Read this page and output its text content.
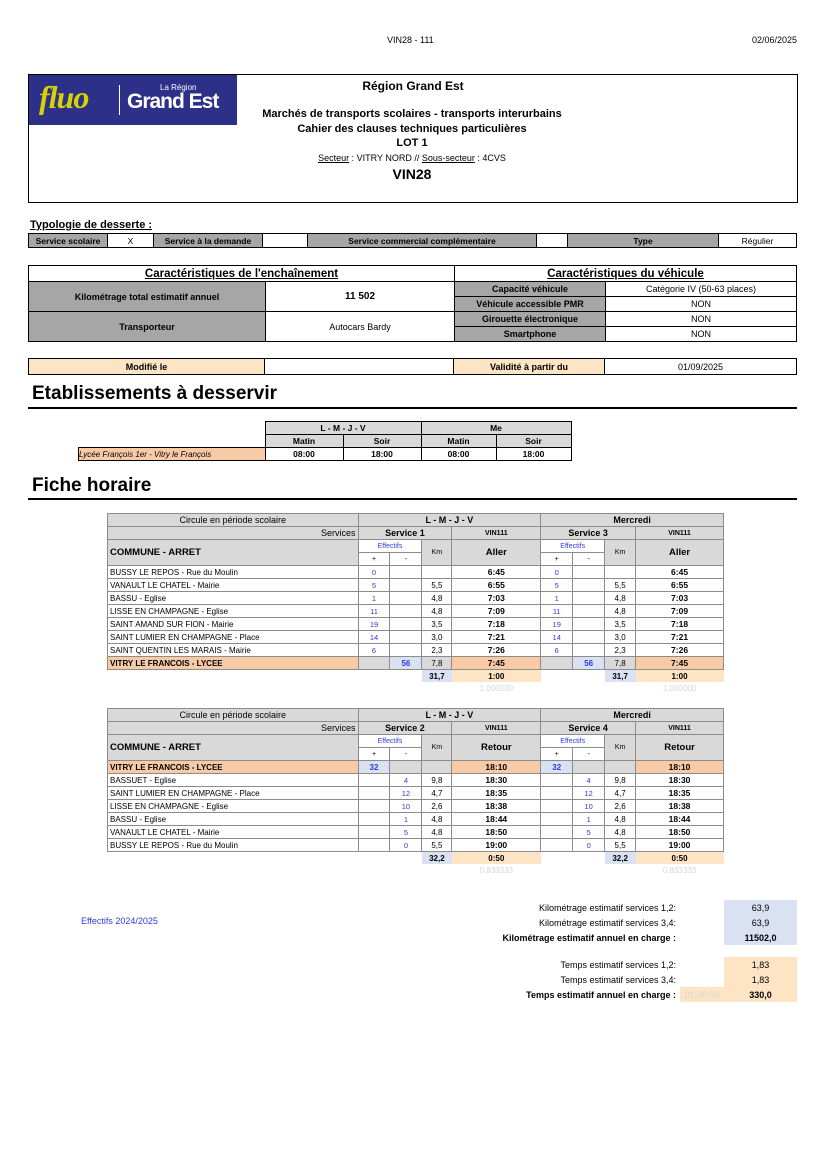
VIN28 - 111	02/06/2025
fluo	La Région
Grand Est
Région Grand Est
Marchés de transports scolaires - transports interurbains
Cahier des clauses techniques particulières
LOT 1
Secteur : VITRY NORD // Sous-secteur : 4CVS
VIN28
Typologie de desserte :
Service scolaire	X	Service à la demande		Service commercial complémentaire		Type	Régulier
Caractéristiques de l'enchaînement		Caractéristiques du véhicule	
Kilométrage total estimatif annuel	11 502	Capacité véhicule	Catégorie IV (50-63 places)
		Véhicule accessible PMR	NON
Transporteur	Autocars Bardy	Girouette électronique	NON
		Smartphone	NON
Modifié le		Validité à partir du	01/09/2025
Etablissements à desservir
	L - M - J - V		Me	
	Matin	Soir	Matin	Soir
Lycée François 1er - Vitry le François	08:00	18:00	08:00	18:00
Fiche horaire
Circule en période scolaire	L - M - J - V				Mercredi			
Services	Service 1			VIN111	Service 3			VIN111
COMMUNE - ARRET	Effectifs		Km	Aller	Effectifs		Km	Aller
	+	-			+	-		
BUSSY LE REPOS - Rue du Moulin	0			6:45	0			6:45
VANAULT LE CHATEL - Mairie	5		5,5	6:55	5		5,5	6:55
BASSU - Eglise	1		4,8	7:03	1		4,8	7:03
LISSE EN CHAMPAGNE - Eglise	11		4,8	7:09	11		4,8	7:09
SAINT AMAND SUR FION - Mairie	19		3,5	7:18	19		3,5	7:18
SAINT LUMIER EN CHAMPAGNE - Place	14		3,0	7:21	14		3,0	7:21
SAINT QUENTIN LES MARAIS - Mairie	6		2,3	7:26	6		2,3	7:26
VITRY LE FRANCOIS - LYCEE		56	7,8	7:45		56	7,8	7:45
			31,7	1:00			31,7	1:00
				1,000000				1,000000
Circule en période scolaire	L - M - J - V				Mercredi			
Services	Service 2			VIN111	Service 4			VIN111
COMMUNE - ARRET	Effectifs		Km	Retour	Effectifs		Km	Retour
	+	-			+	-		
VITRY LE FRANCOIS - LYCEE	32			18:10	32			18:10
BASSUET - Eglise		4	9,8	18:30		4	9,8	18:30
SAINT LUMIER EN CHAMPAGNE - Place		12	4,7	18:35		12	4,7	18:35
LISSE EN CHAMPAGNE - Eglise		10	2,6	18:38		10	2,6	18:38
BASSU - Eglise		1	4,8	18:44		1	4,8	18:44
VANAULT LE CHATEL - Mairie		5	4,8	18:50		5	4,8	18:50
BUSSY LE REPOS - Rue du Moulin		0	5,5	19:00		0	5,5	19:00
			32,2	0:50			32,2	0:50
				0,833333				0,833333
Effectifs 2024/2025
Kilométrage estimatif services 1,2:		63,9
Kilométrage estimatif services 3,4:		63,9
Kilométrage estimatif annuel en charge :		11502,0

Temps estimatif services 1,2:		1,83
Temps estimatif services 3,4:		1,83
Temps estimatif annuel en charge :	01:00:00	330,0
